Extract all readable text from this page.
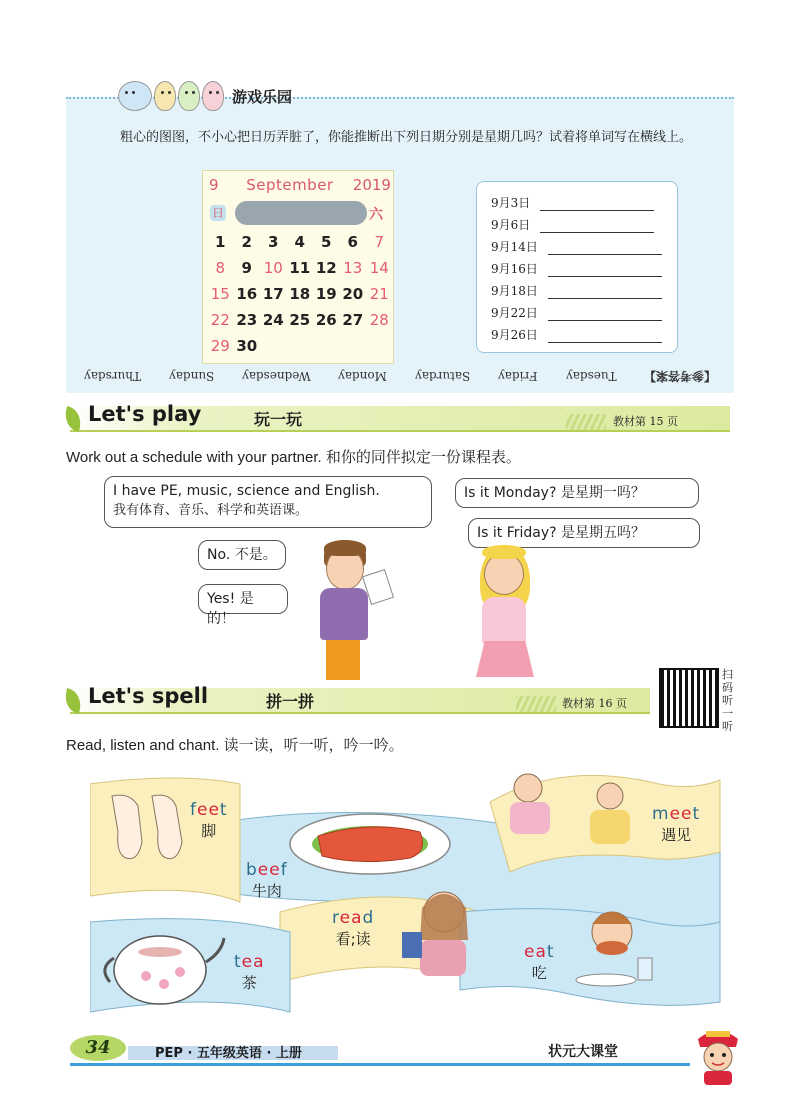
游戏乐园
粗心的图图，不小心把日历弄脏了，你能推断出下列日期分别是星期几吗？试着将单词写在横线上。
9	September 2019
日	六
1	2	3	4	5	6	7
8	9 10 11 12 13 14
15 16 17 18 19 20 21
22 23 24 25 26 27 28
29 30
9月3日
9月6日
9月14日
9月16日
9月18日
9月22日
9月26日
Thursday Sunday Wednesday Monday Saturday Friday Tuesday 【参考答案】
Let's play	玩一玩	教材第 15 页
Work out a schedule with your partner. 和你的同伴拟定一份课程表。
I have PE, music, science and English.
我有体育、音乐、科学和英语课。
No. 不是。
Yes! 是的！
Is it Monday? 是星期一吗？
Is it Friday? 是星期五吗？
扫码听一听
Let's spell	拼一拼	教材第 16 页
Read, listen and chant. 读一读，听一听，吟一吟。
feet
脚
meet
遇见
beef
牛肉
read
看;读
tea
茶
eat
吃
34	PEP · 五年级英语 · 上册	状元大课堂
